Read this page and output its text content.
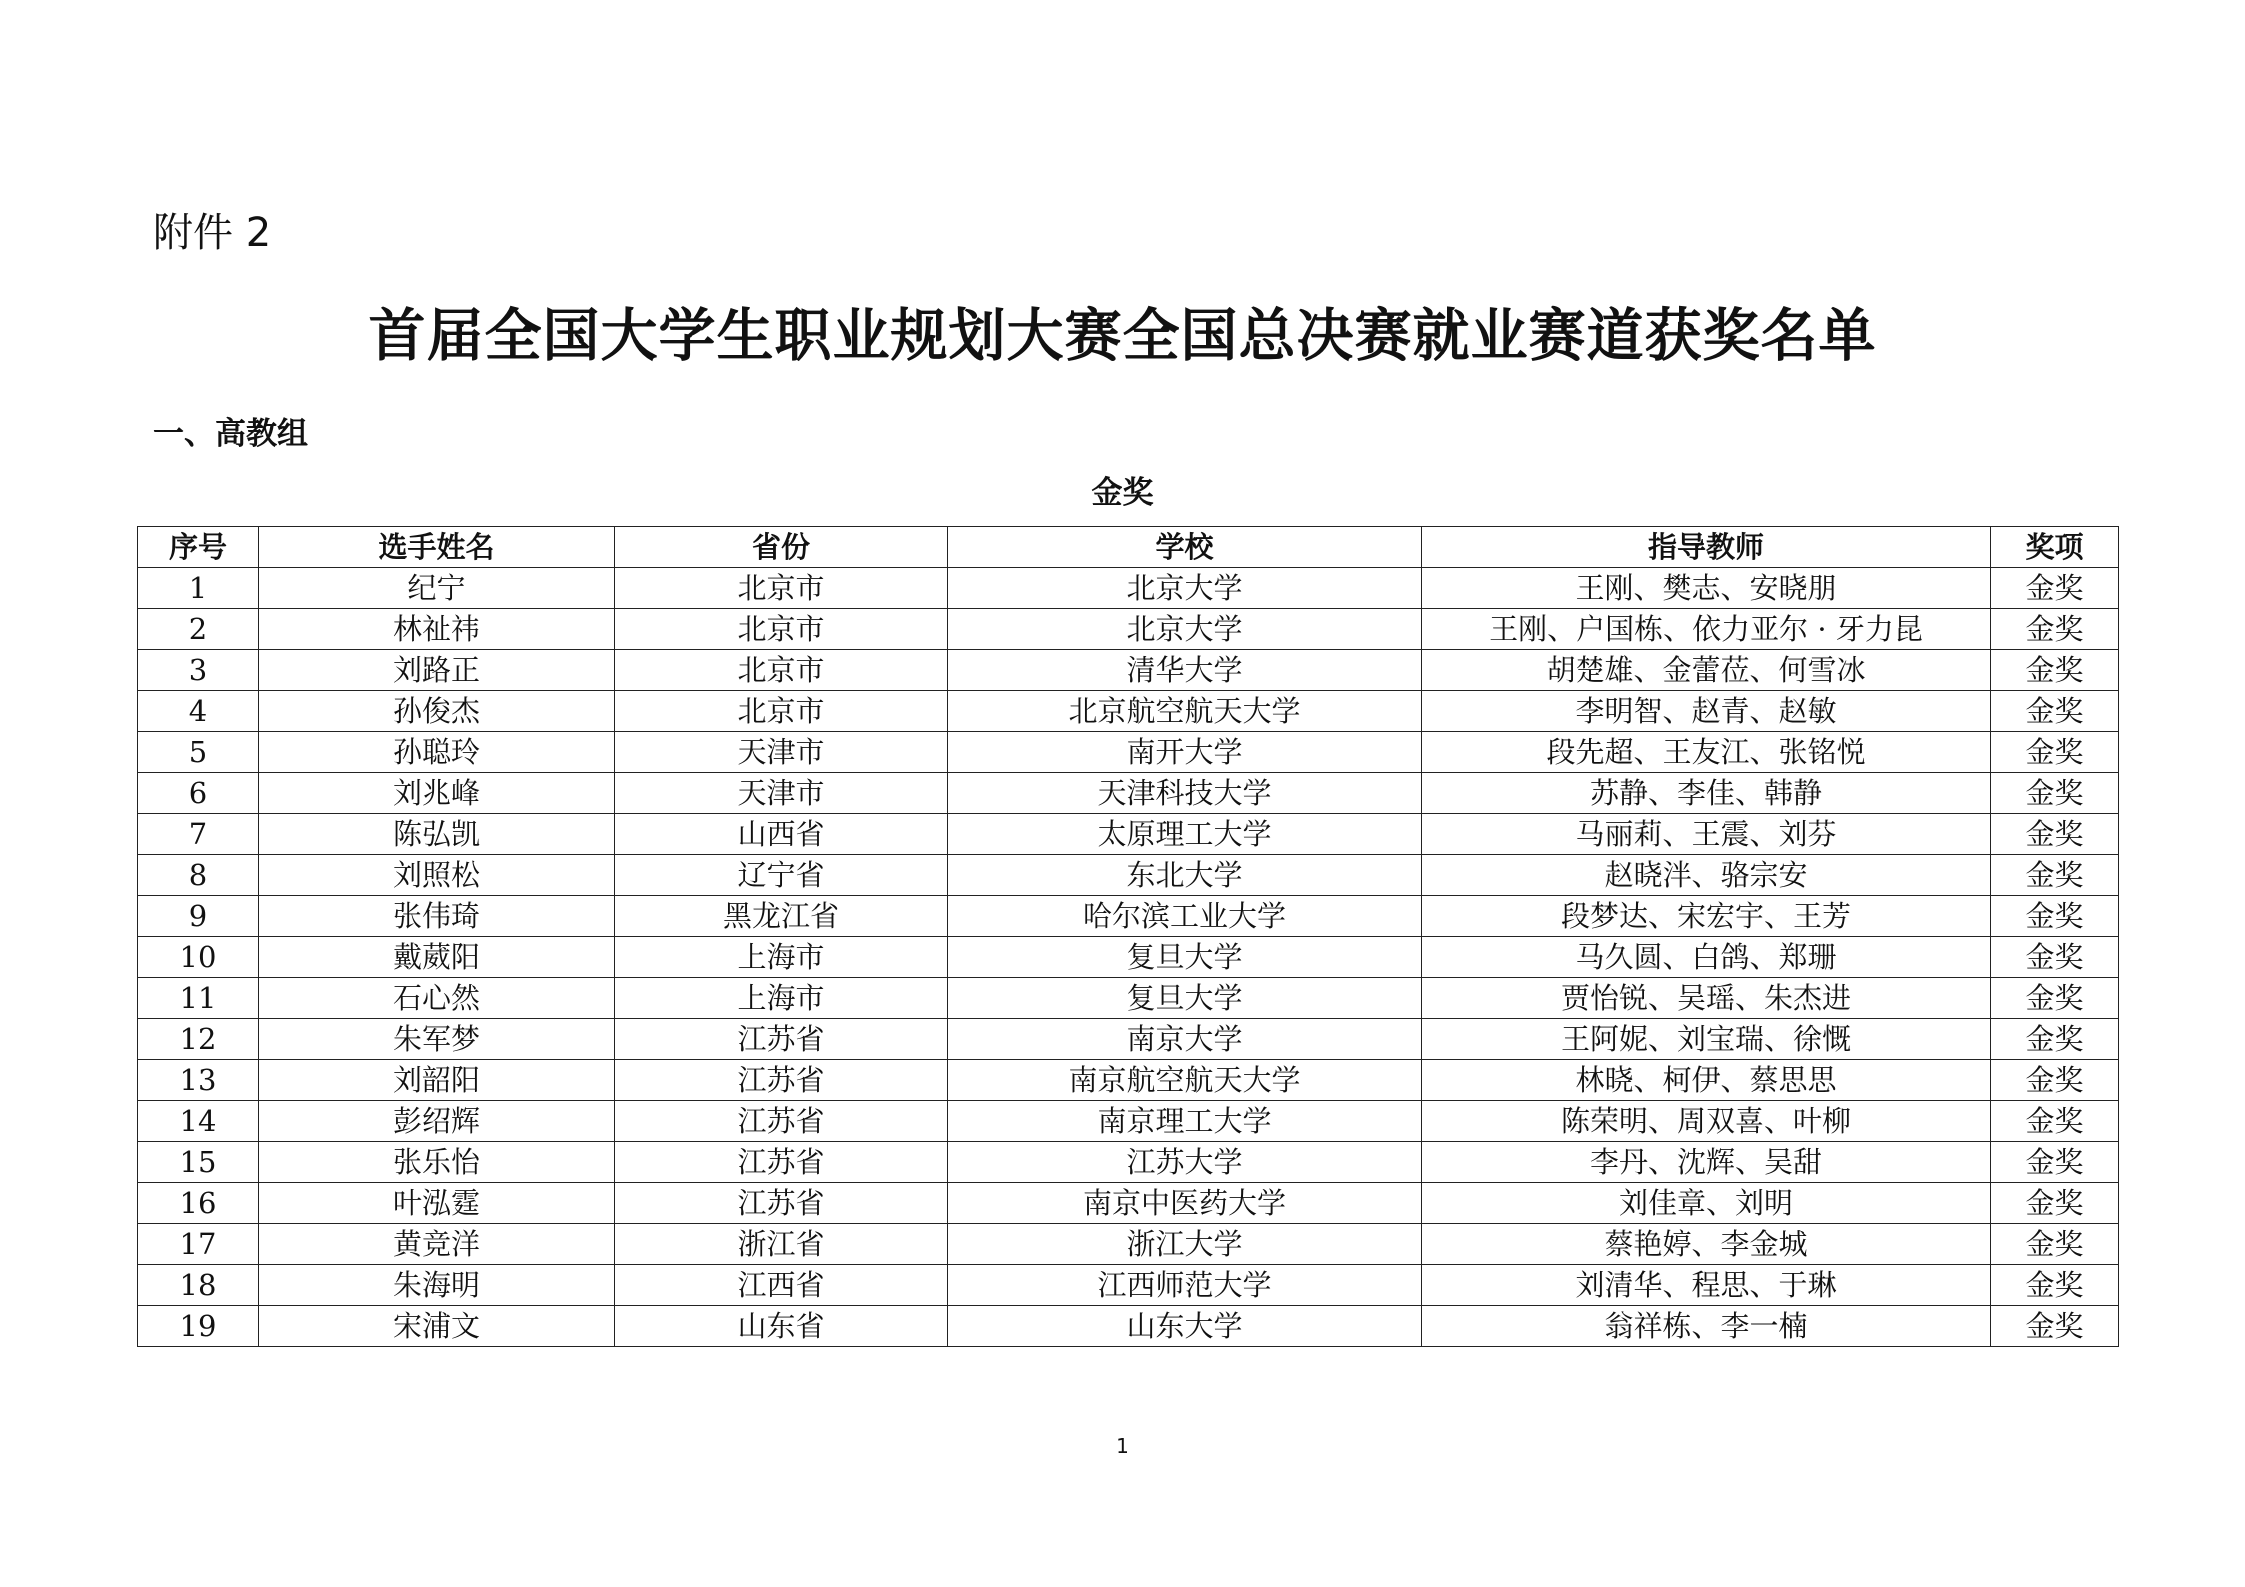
附件 2
首届全国大学生职业规划大赛全国总决赛就业赛道获奖名单
一、高教组
金奖
序号	选手姓名	省份	学校	指导教师	奖项
1	纪宁	北京市	北京大学	王刚、樊志、安晓朋	金奖
2	林祉祎	北京市	北京大学	王刚、户国栋、依力亚尔 · 牙力昆	金奖
3	刘路正	北京市	清华大学	胡楚雄、金蕾莅、何雪冰	金奖
4	孙俊杰	北京市	北京航空航天大学	李明智、赵青、赵敏	金奖
5	孙聪玲	天津市	南开大学	段先超、王友江、张铭悦	金奖
6	刘兆峰	天津市	天津科技大学	苏静、李佳、韩静	金奖
7	陈弘凯	山西省	太原理工大学	马丽莉、王震、刘芬	金奖
8	刘照松	辽宁省	东北大学	赵晓泮、骆宗安	金奖
9	张伟琦	黑龙江省	哈尔滨工业大学	段梦达、宋宏宇、王芳	金奖
10	戴葳阳	上海市	复旦大学	马久圆、白鸽、郑珊	金奖
11	石心然	上海市	复旦大学	贾怡锐、吴瑶、朱杰进	金奖
12	朱军梦	江苏省	南京大学	王阿妮、刘宝瑞、徐慨	金奖
13	刘韶阳	江苏省	南京航空航天大学	林晓、柯伊、蔡思思	金奖
14	彭绍辉	江苏省	南京理工大学	陈荣明、周双喜、叶柳	金奖
15	张乐怡	江苏省	江苏大学	李丹、沈辉、吴甜	金奖
16	叶泓霆	江苏省	南京中医药大学	刘佳章、刘明	金奖
17	黄竞洋	浙江省	浙江大学	蔡艳婷、李金城	金奖
18	朱海明	江西省	江西师范大学	刘清华、程思、于琳	金奖
19	宋浦文	山东省	山东大学	翁祥栋、李一楠	金奖
1
